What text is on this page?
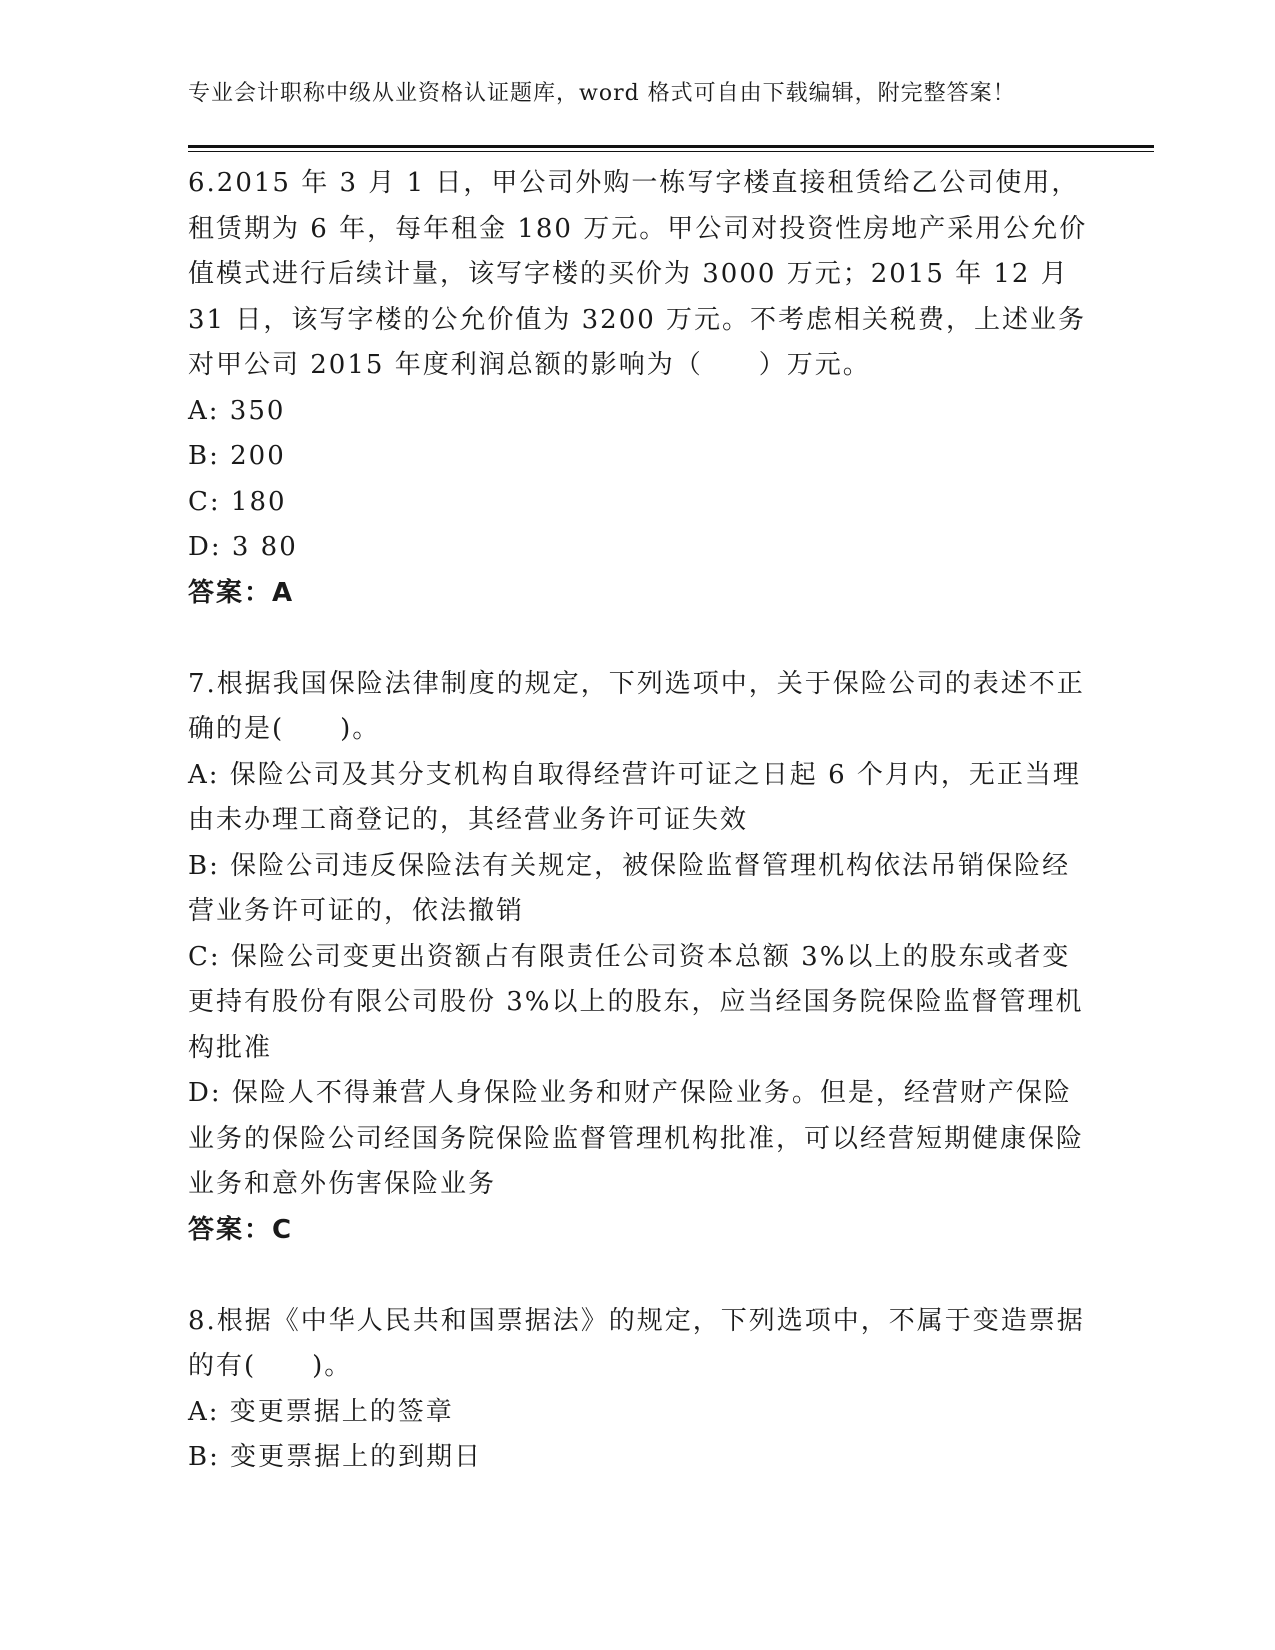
专业会计职称中级从业资格认证题库，word 格式可自由下载编辑，附完整答案！

6.2015 年 3 月 1 日，甲公司外购一栋写字楼直接租赁给乙公司使用，租赁期为 6 年，每年租金 180 万元。甲公司对投资性房地产采用公允价值模式进行后续计量，该写字楼的买价为 3000 万元；2015 年 12 月 31 日，该写字楼的公允价值为 3200 万元。不考虑相关税费，上述业务对甲公司 2015 年度利润总额的影响为（　　）万元。

A: 350

B: 200

C: 180

D: 3 80

答案：A

7.根据我国保险法律制度的规定，下列选项中，关于保险公司的表述不正确的是(　　)。

A: 保险公司及其分支机构自取得经营许可证之日起 6 个月内，无正当理由未办理工商登记的，其经营业务许可证失效

B: 保险公司违反保险法有关规定，被保险监督管理机构依法吊销保险经营业务许可证的，依法撤销

C: 保险公司变更出资额占有限责任公司资本总额 3%以上的股东或者变更持有股份有限公司股份 3%以上的股东，应当经国务院保险监督管理机构批准

D: 保险人不得兼营人身保险业务和财产保险业务。但是，经营财产保险业务的保险公司经国务院保险监督管理机构批准，可以经营短期健康保险业务和意外伤害保险业务

答案：C

8.根据《中华人民共和国票据法》的规定，下列选项中，不属于变造票据的有(　　)。

A: 变更票据上的签章

B: 变更票据上的到期日
